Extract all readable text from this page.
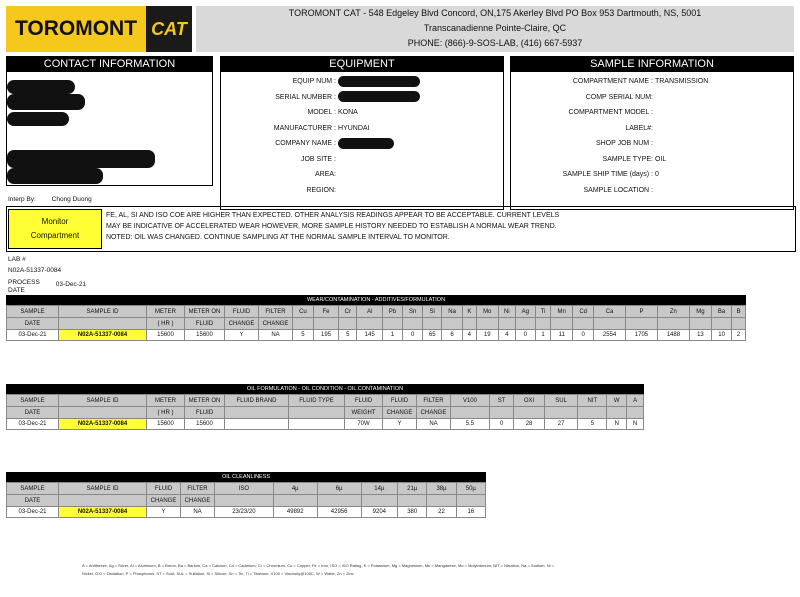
TOROMONT CAT
TOROMONT CAT - 548 Edgeley Blvd Concord, ON,175 Akerley Blvd PO Box 953 Dartmouth, NS, 5001
Transcanadienne Pointe-Claire, QC
PHONE: (866)-9-SOS-LAB, (416) 667-5937
CONTACT INFORMATION
Interp By: Chong Duong
EQUIPMENT
EQUIP NUM :
SERIAL NUMBER :
MODEL : KONA
MANUFACTURER : HYUNDAI
COMPANY NAME :
JOB SITE :
AREA:
REGION:
SAMPLE INFORMATION
COMPARTMENT NAME : TRANSMISSION
COMP SERIAL NUM:
COMPARTMENT MODEL :
LABEL#:
SHOP JOB NUM :
SAMPLE TYPE: OIL
SAMPLE SHIP TIME (days) : 0
SAMPLE LOCATION :
Monitor
Compartment
FE, AL, SI AND ISO COE ARE HIGHER THAN EXPECTED. OTHER ANALYSIS READINGS APPEAR TO BE ACCEPTABLE. CURRENT LEVELS
MAY BE INDICATIVE OF ACCELERATED WEAR HOWEVER, MORE SAMPLE HISTORY NEEDED TO ESTABLISH A NORMAL WEAR TREND.
NOTED: OIL WAS CHANGED. CONTINUE SAMPLING AT THE NORMAL SAMPLE INTERVAL TO MONITOR.
LAB #
N02A-51337-0084
PROCESS
DATE
03-Dec-21
WEAR/CONTAMINATION - ADDITIVES/FORMULATION
SAMPLE	SAMPLE ID	METER	METER ON	FLUID	FILTER	Cu	Fe	Cr	Al	Pb	Sn	Si	Na	K	Mo	Ni	Ag	Ti	Mn	Cd	Ca	P	Zn	Mg	Ba	B
DATE		( HR )	FLUID	CHANGE	CHANGE																					
03-Dec-21	N02A-51337-0084	15600	15600	Y	NA	5	195	5	145	1	0	65	6	4	19	4	0	1	11	0	2554	1705	1488	13	10	2
OIL FORMULATION - OIL CONDITION - OIL CONTAMINATION
SAMPLE	SAMPLE ID	METER	METER ON	FLUID BRAND	FLUID TYPE	FLUID	FLUID	FILTER	V100	ST	OXI	SUL	NIT	W	A
DATE		( HR )	FLUID			WEIGHT	CHANGE	CHANGE							
03-Dec-21	N02A-51337-0084	15600	15600			70W	Y	NA	5.5	0	28	27	5	N	N
OIL CLEANLINESS
SAMPLE	SAMPLE ID	FLUID	FILTER	ISO	4µ	6µ	14µ	21µ	38µ	50µ
DATE		CHANGE	CHANGE							
03-Dec-21	N02A-51337-0084	Y	NA	23/23/20	49892	42956	9204	380	22	16
A = Antifreeze, Ag = Silver, Al = Aluminum, B = Boron, Ba = Barium, Ca = Calcium, Cd = Cadmium, Cr = Chromium, Cu = Copper, Fe = Iron, ISO = ISO Rating, K = Potassium, Mg = Magnesium, Mn = Manganese, Mo = Molybdenum, NIT = Nitration, Na = Sodium, Ni =
Nickel, OXI = Oxidation, P = Phosphorus, ST = Soot, SUL = Sulfation, Si = Silicon, Sn = Tin, Ti = Titanium, V100 = Viscosity@100C, W = Water, Zn = Zinc
